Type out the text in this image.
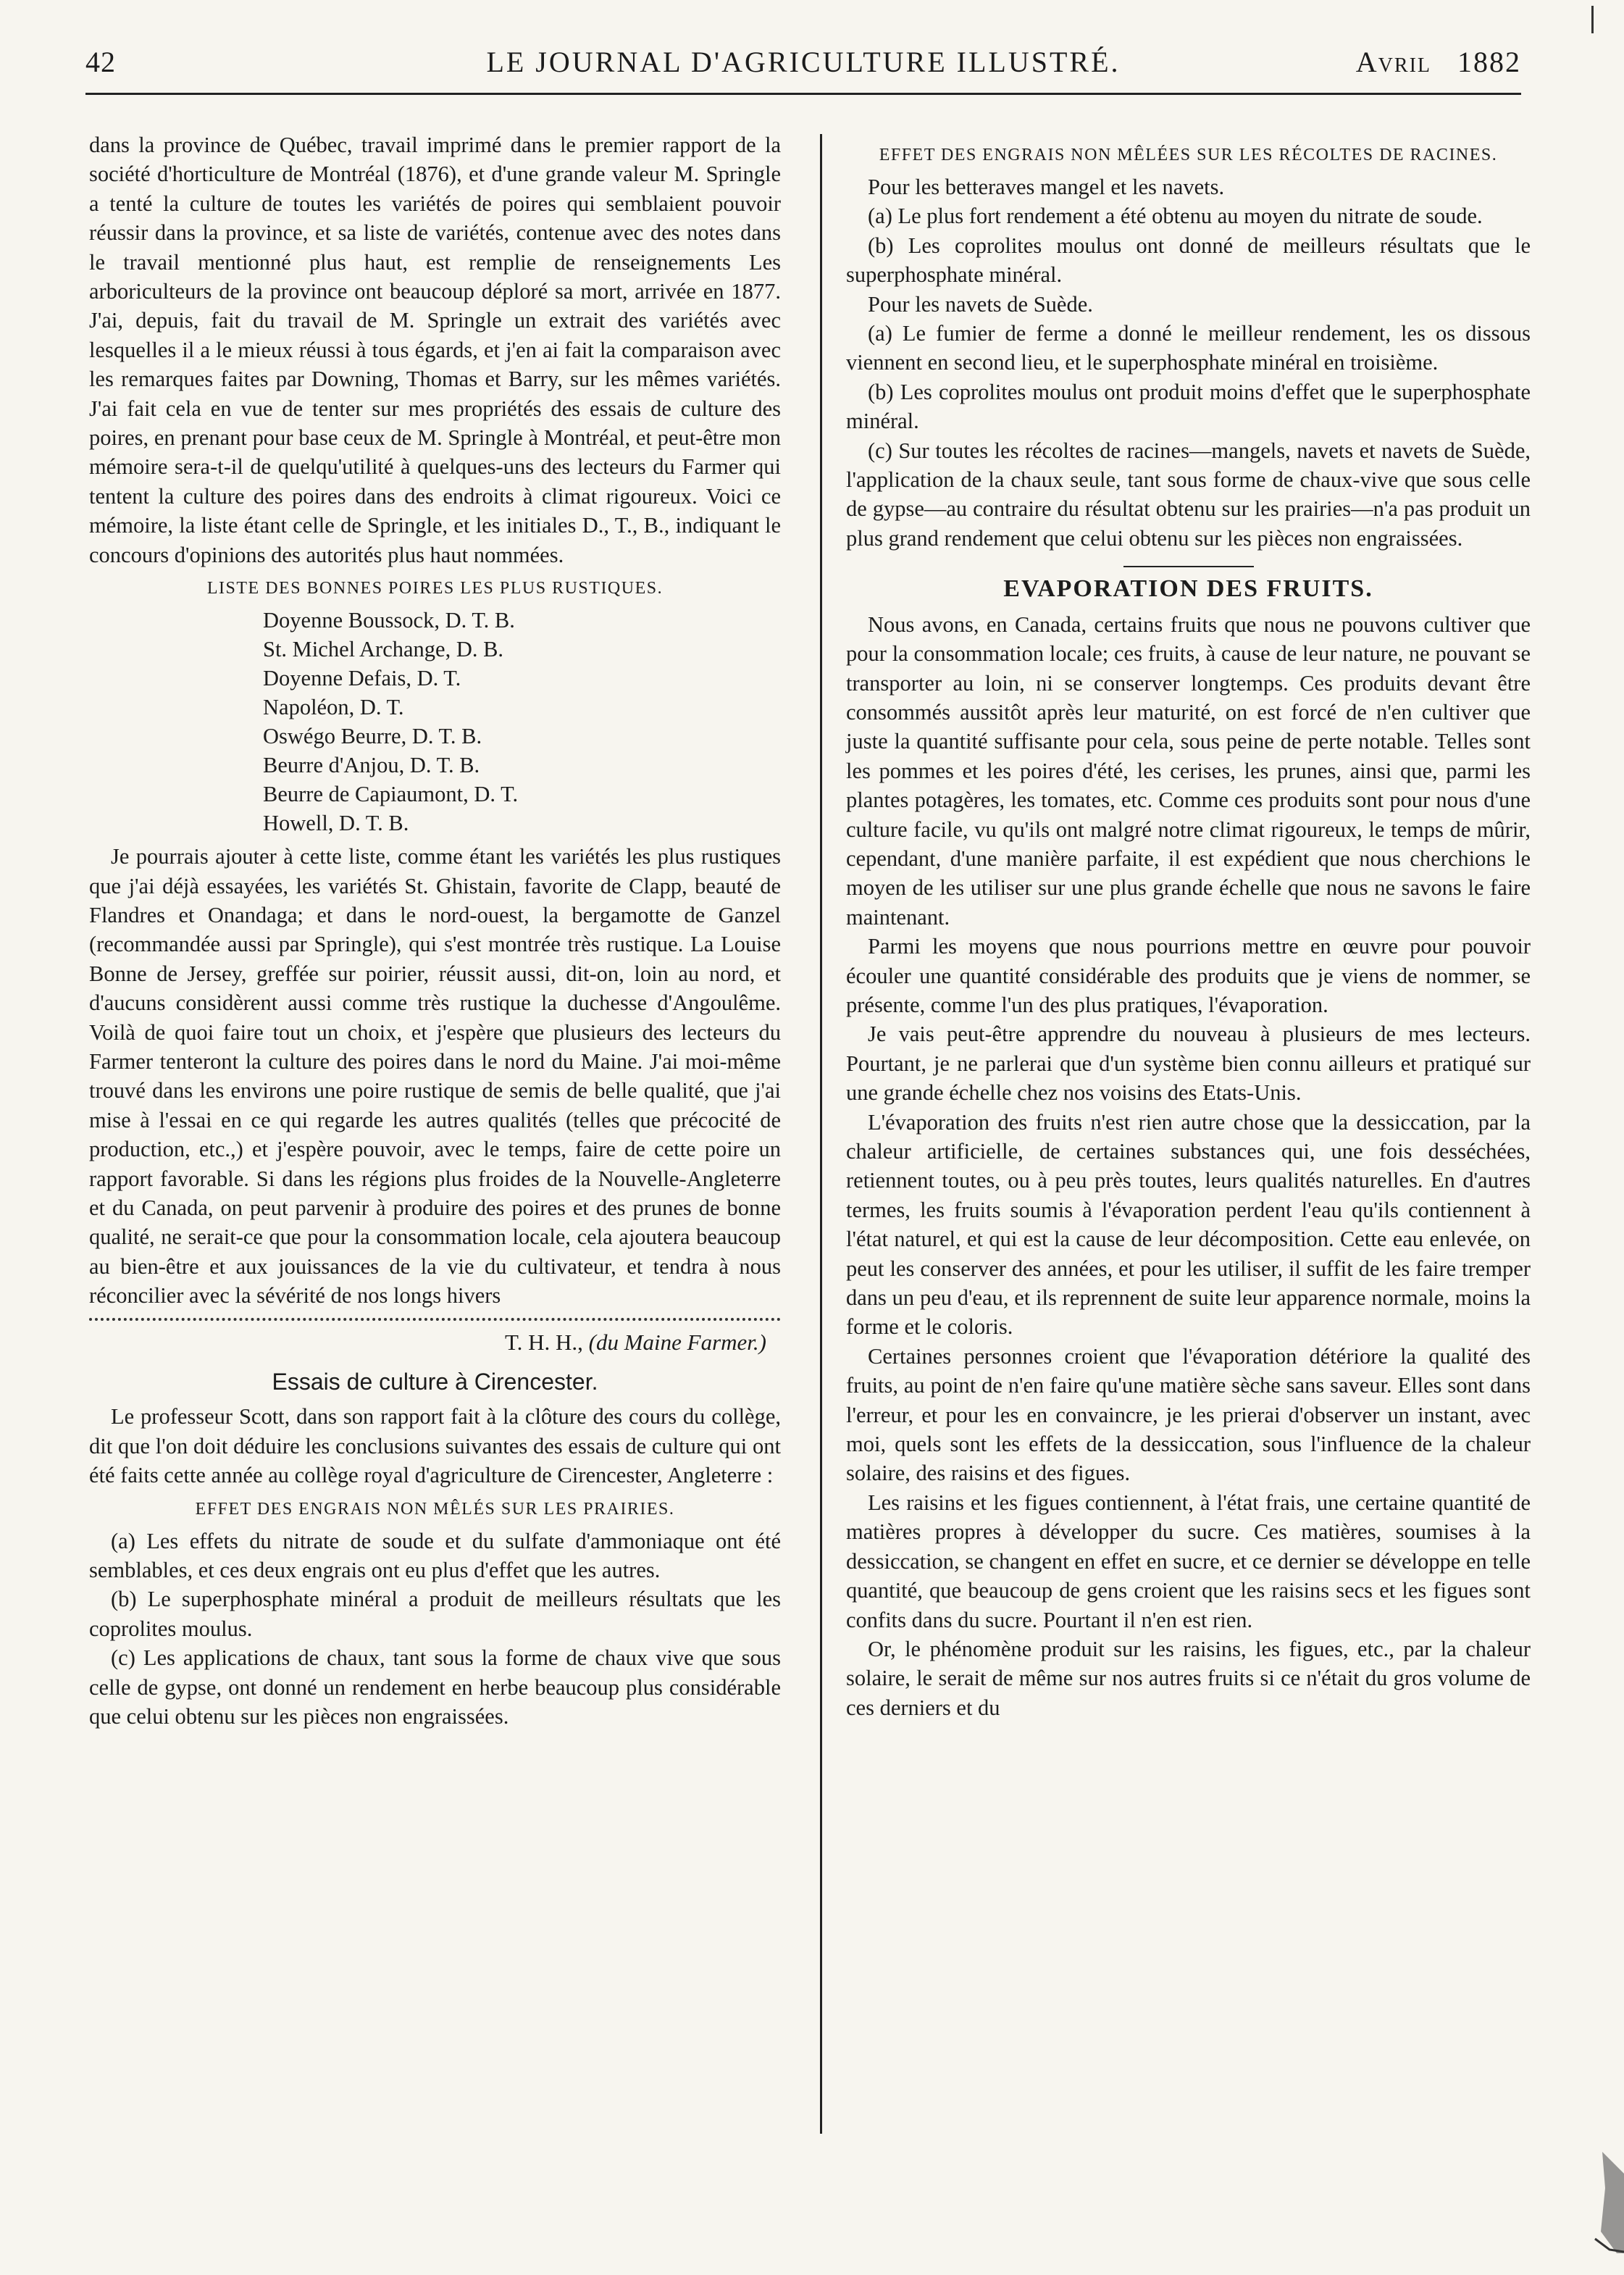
42	LE JOURNAL D'AGRICULTURE ILLUSTRÉ.	Avril 1882

dans la province de Québec, travail imprimé dans le premier rapport de la société d'horticulture de Montréal (1876), et d'une grande valeur M. Springle a tenté la culture de toutes les variétés de poires qui semblaient pouvoir réussir dans la province, et sa liste de variétés, contenue avec des notes dans le travail mentionné plus haut, est remplie de renseignements Les arboriculteurs de la province ont beaucoup déploré sa mort, arrivée en 1877. J'ai, depuis, fait du travail de M. Springle un extrait des variétés avec lesquelles il a le mieux réussi à tous égards, et j'en ai fait la comparaison avec les remarques faites par Downing, Thomas et Barry, sur les mêmes variétés. J'ai fait cela en vue de tenter sur mes propriétés des essais de culture des poires, en prenant pour base ceux de M. Springle à Montréal, et peut-être mon mémoire sera-t-il de quelqu'utilité à quelques-uns des lecteurs du Farmer qui tentent la culture des poires dans des endroits à climat rigoureux. Voici ce mémoire, la liste étant celle de Springle, et les initiales D., T., B., indiquant le concours d'opinions des autorités plus haut nommées.

LISTE DES BONNES POIRES LES PLUS RUSTIQUES.
Doyenne Boussock, D. T. B.
St. Michel Archange, D. B.
Doyenne Defais, D. T.
Napoléon, D. T.
Oswégo Beurre, D. T. B.
Beurre d'Anjou, D. T. B.
Beurre de Capiaumont, D. T.
Howell, D. T. B.

Je pourrais ajouter à cette liste, comme étant les variétés les plus rustiques que j'ai déjà essayées, les variétés St. Ghistain, favorite de Clapp, beauté de Flandres et Onandaga; et dans le nord-ouest, la bergamotte de Ganzel (recommandée aussi par Springle), qui s'est montrée très rustique. La Louise Bonne de Jersey, greffée sur poirier, réussit aussi, dit-on, loin au nord, et d'aucuns considèrent aussi comme très rustique la duchesse d'Angoulême. Voilà de quoi faire tout un choix, et j'espère que plusieurs des lecteurs du Farmer tenteront la culture des poires dans le nord du Maine. J'ai moi-même trouvé dans les environs une poire rustique de semis de belle qualité, que j'ai mise à l'essai en ce qui regarde les autres qualités (telles que précocité de production, etc.,) et j'espère pouvoir, avec le temps, faire de cette poire un rapport favorable. Si dans les régions plus froides de la Nouvelle-Angleterre et du Canada, on peut parvenir à produire des poires et des prunes de bonne qualité, ne serait-ce que pour la consommation locale, cela ajoutera beaucoup au bien-être et aux jouissances de la vie du cultivateur, et tendra à nous réconcilier avec la sévérité de nos longs hivers

T. H. H., (du Maine Farmer.)
Essais de culture à Cirencester.

Le professeur Scott, dans son rapport fait à la clôture des cours du collège, dit que l'on doit déduire les conclusions suivantes des essais de culture qui ont été faits cette année au collège royal d'agriculture de Cirencester, Angleterre :

EFFET DES ENGRAIS NON MÊLÉS SUR LES PRAIRIES.

(a) Les effets du nitrate de soude et du sulfate d'ammoniaque ont été semblables, et ces deux engrais ont eu plus d'effet que les autres.

(b) Le superphosphate minéral a produit de meilleurs résultats que les coprolites moulus.

(c) Les applications de chaux, tant sous la forme de chaux vive que sous celle de gypse, ont donné un rendement en herbe beaucoup plus considérable que celui obtenu sur les pièces non engraissées.

EFFET DES ENGRAIS NON MÊLÉES SUR LES RÉCOLTES DE RACINES.

Pour les betteraves mangel et les navets.

(a) Le plus fort rendement a été obtenu au moyen du nitrate de soude.

(b) Les coprolites moulus ont donné de meilleurs résultats que le superphosphate minéral.

Pour les navets de Suède.

(a) Le fumier de ferme a donné le meilleur rendement, les os dissous viennent en second lieu, et le superphosphate minéral en troisième.

(b) Les coprolites moulus ont produit moins d'effet que le superphosphate minéral.

(c) Sur toutes les récoltes de racines—mangels, navets et navets de Suède, l'application de la chaux seule, tant sous forme de chaux-vive que sous celle de gypse—au contraire du résultat obtenu sur les prairies—n'a pas produit un plus grand rendement que celui obtenu sur les pièces non engraissées.

EVAPORATION DES FRUITS.

Nous avons, en Canada, certains fruits que nous ne pouvons cultiver que pour la consommation locale; ces fruits, à cause de leur nature, ne pouvant se transporter au loin, ni se conserver longtemps. Ces produits devant être consommés aussitôt après leur maturité, on est forcé de n'en cultiver que juste la quantité suffisante pour cela, sous peine de perte notable. Telles sont les pommes et les poires d'été, les cerises, les prunes, ainsi que, parmi les plantes potagères, les tomates, etc. Comme ces produits sont pour nous d'une culture facile, vu qu'ils ont malgré notre climat rigoureux, le temps de mûrir, cependant, d'une manière parfaite, il est expédient que nous cherchions le moyen de les utiliser sur une plus grande échelle que nous ne savons le faire maintenant.

Parmi les moyens que nous pourrions mettre en œuvre pour pouvoir écouler une quantité considérable des produits que je viens de nommer, se présente, comme l'un des plus pratiques, l'évaporation.

Je vais peut-être apprendre du nouveau à plusieurs de mes lecteurs. Pourtant, je ne parlerai que d'un système bien connu ailleurs et pratiqué sur une grande échelle chez nos voisins des Etats-Unis.

L'évaporation des fruits n'est rien autre chose que la dessiccation, par la chaleur artificielle, de certaines substances qui, une fois desséchées, retiennent toutes, ou à peu près toutes, leurs qualités naturelles. En d'autres termes, les fruits soumis à l'évaporation perdent l'eau qu'ils contiennent à l'état naturel, et qui est la cause de leur décomposition. Cette eau enlevée, on peut les conserver des années, et pour les utiliser, il suffit de les faire tremper dans un peu d'eau, et ils reprennent de suite leur apparence normale, moins la forme et le coloris.

Certaines personnes croient que l'évaporation détériore la qualité des fruits, au point de n'en faire qu'une matière sèche sans saveur. Elles sont dans l'erreur, et pour les en convaincre, je les prierai d'observer un instant, avec moi, quels sont les effets de la dessiccation, sous l'influence de la chaleur solaire, des raisins et des figues.

Les raisins et les figues contiennent, à l'état frais, une certaine quantité de matières propres à développer du sucre. Ces matières, soumises à la dessiccation, se changent en effet en sucre, et ce dernier se développe en telle quantité, que beaucoup de gens croient que les raisins secs et les figues sont confits dans du sucre. Pourtant il n'en est rien.

Or, le phénomène produit sur les raisins, les figues, etc., par la chaleur solaire, le serait de même sur nos autres fruits si ce n'était du gros volume de ces derniers et du
